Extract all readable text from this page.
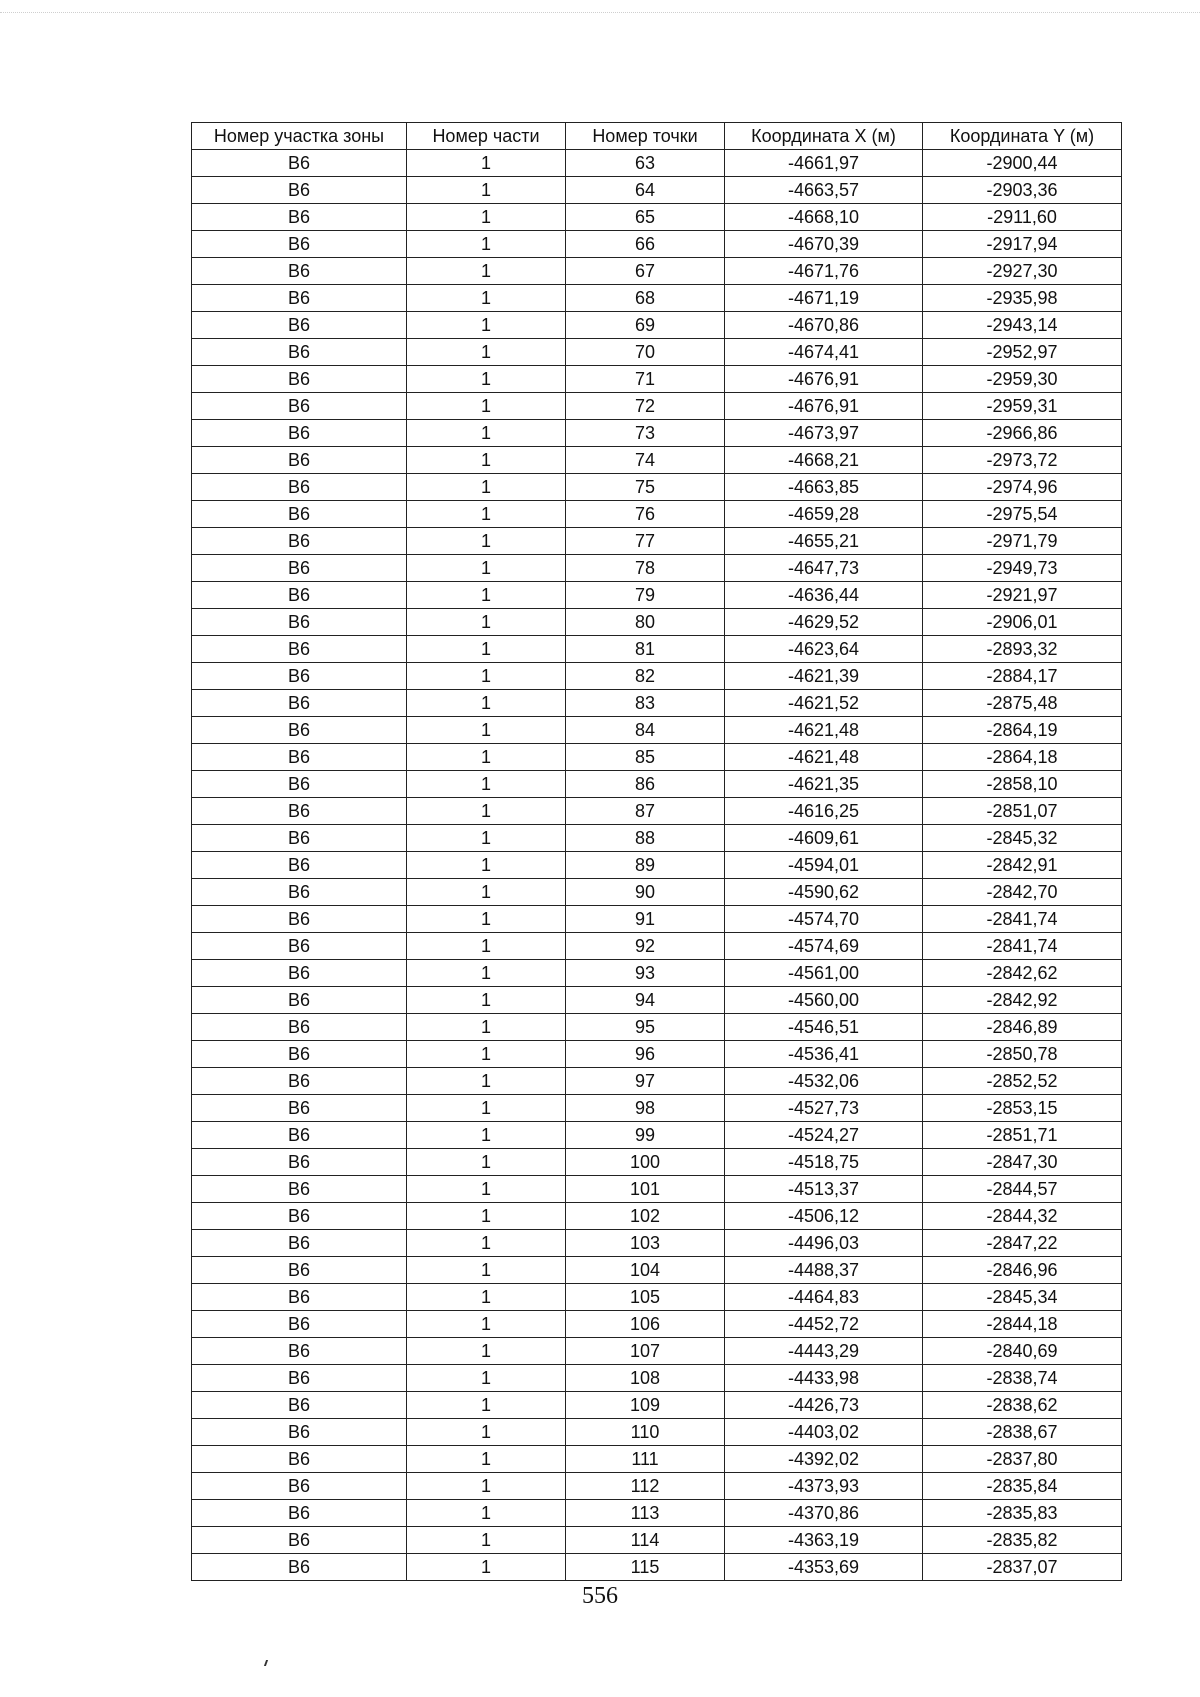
Номер участка зоны	Номер части	Номер точки	Координата X (м)	Координата Y (м)
В6	1	63	-4661,97	-2900,44
В6	1	64	-4663,57	-2903,36
В6	1	65	-4668,10	-2911,60
В6	1	66	-4670,39	-2917,94
В6	1	67	-4671,76	-2927,30
В6	1	68	-4671,19	-2935,98
В6	1	69	-4670,86	-2943,14
В6	1	70	-4674,41	-2952,97
В6	1	71	-4676,91	-2959,30
В6	1	72	-4676,91	-2959,31
В6	1	73	-4673,97	-2966,86
В6	1	74	-4668,21	-2973,72
В6	1	75	-4663,85	-2974,96
В6	1	76	-4659,28	-2975,54
В6	1	77	-4655,21	-2971,79
В6	1	78	-4647,73	-2949,73
В6	1	79	-4636,44	-2921,97
В6	1	80	-4629,52	-2906,01
В6	1	81	-4623,64	-2893,32
В6	1	82	-4621,39	-2884,17
В6	1	83	-4621,52	-2875,48
В6	1	84	-4621,48	-2864,19
В6	1	85	-4621,48	-2864,18
В6	1	86	-4621,35	-2858,10
В6	1	87	-4616,25	-2851,07
В6	1	88	-4609,61	-2845,32
В6	1	89	-4594,01	-2842,91
В6	1	90	-4590,62	-2842,70
В6	1	91	-4574,70	-2841,74
В6	1	92	-4574,69	-2841,74
В6	1	93	-4561,00	-2842,62
В6	1	94	-4560,00	-2842,92
В6	1	95	-4546,51	-2846,89
В6	1	96	-4536,41	-2850,78
В6	1	97	-4532,06	-2852,52
В6	1	98	-4527,73	-2853,15
В6	1	99	-4524,27	-2851,71
В6	1	100	-4518,75	-2847,30
В6	1	101	-4513,37	-2844,57
В6	1	102	-4506,12	-2844,32
В6	1	103	-4496,03	-2847,22
В6	1	104	-4488,37	-2846,96
В6	1	105	-4464,83	-2845,34
В6	1	106	-4452,72	-2844,18
В6	1	107	-4443,29	-2840,69
В6	1	108	-4433,98	-2838,74
В6	1	109	-4426,73	-2838,62
В6	1	110	-4403,02	-2838,67
В6	1	111	-4392,02	-2837,80
В6	1	112	-4373,93	-2835,84
В6	1	113	-4370,86	-2835,83
В6	1	114	-4363,19	-2835,82
В6	1	115	-4353,69	-2837,07
556
